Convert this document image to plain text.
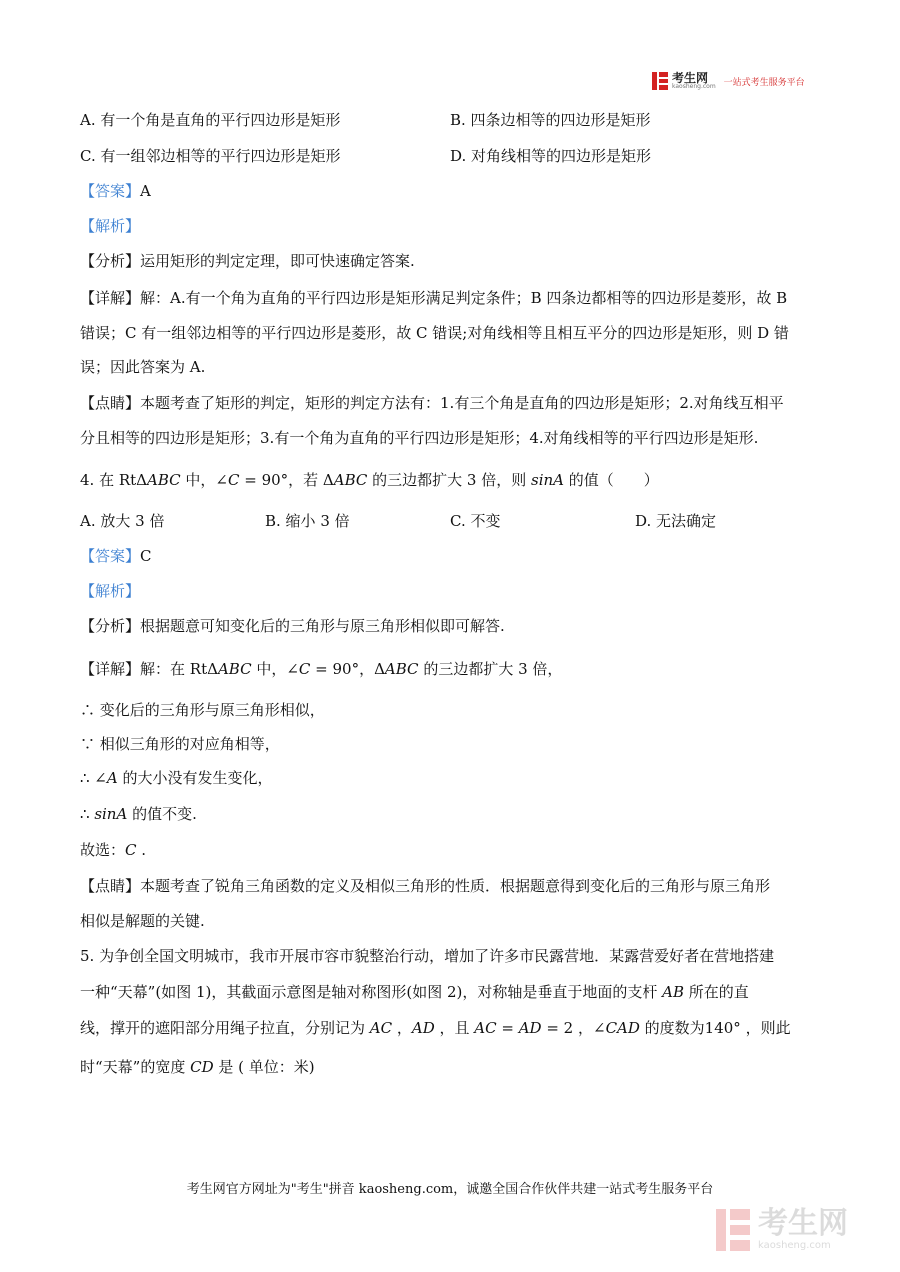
考生网
kaosheng.com 一站式考生服务平台
A. 有一个角是直角的平行四边形是矩形	B. 四条边相等的四边形是矩形
C. 有一组邻边相等的平行四边形是矩形	D. 对角线相等的四边形是矩形
【答案】A
【解析】
【分析】运用矩形的判定定理，即可快速确定答案.
【详解】解：A.有一个角为直角的平行四边形是矩形满足判定条件；B 四条边都相等的四边形是菱形，故 B
错误；C 有一组邻边相等的平行四边形是菱形，故 C 错误;对角线相等且相互平分的四边形是矩形，则 D 错
误；因此答案为 A.
【点睛】本题考查了矩形的判定，矩形的判定方法有：1.有三个角是直角的四边形是矩形；2.对角线互相平
分且相等的四边形是矩形；3.有一个角为直角的平行四边形是矩形；4.对角线相等的平行四边形是矩形.
4. 在 RtΔABC 中，∠C = 90°，若 ΔABC 的三边都扩大 3 倍，则 sinA 的值（　　）
A. 放大 3 倍	B. 缩小 3 倍	C. 不变	D. 无法确定
【答案】C
【解析】
【分析】根据题意可知变化后的三角形与原三角形相似即可解答.
【详解】解：在 RtΔABC 中，∠C = 90°，ΔABC 的三边都扩大 3 倍，
∴ 变化后的三角形与原三角形相似，
∵ 相似三角形的对应角相等，
∴ ∠A 的大小没有发生变化，
∴ sinA 的值不变.
故选：C .
【点睛】本题考查了锐角三角函数的定义及相似三角形的性质．根据题意得到变化后的三角形与原三角形
相似是解题的关键.
5. 为争创全国文明城市，我市开展市容市貌整治行动，增加了许多市民露营地．某露营爱好者在营地搭建
一种“天幕”(如图 1)，其截面示意图是轴对称图形(如图 2)，对称轴是垂直于地面的支杆 AB 所在的直
线，撑开的遮阳部分用绳子拉直，分别记为 AC ，AD ，且 AC = AD = 2 ，∠CAD 的度数为140° ，则此
时“天幕”的宽度 CD 是 ( 单位：米)
考生网官方网址为"考生"拼音 kaosheng.com，诚邀全国合作伙伴共建一站式考生服务平台
考生网
kaosheng.com
